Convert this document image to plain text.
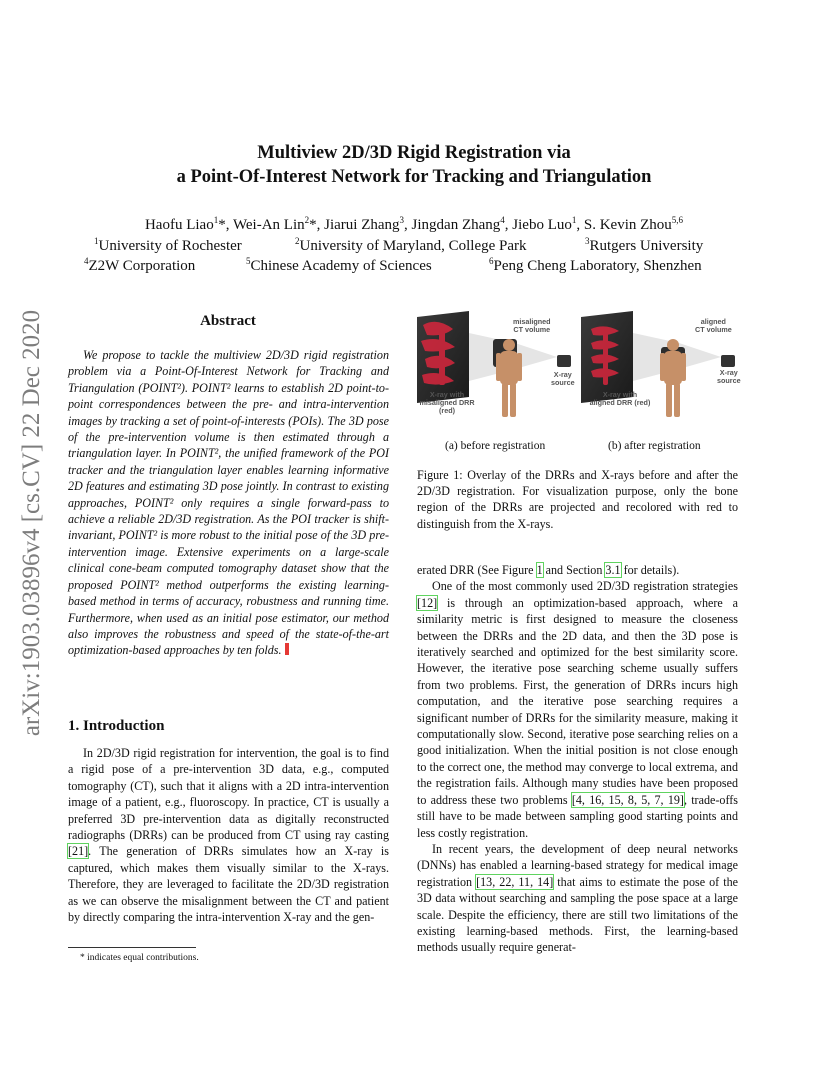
arXiv:1903.03896v4 [cs.CV] 22 Dec 2020
Multiview 2D/3D Rigid Registration via
a Point-Of-Interest Network for Tracking and Triangulation
Haofu Liao$^1$*, Wei-An Lin$^2$*, Jiarui Zhang$^3$, Jingdan Zhang$^4$, Jiebo Luo$^1$, S. Kevin Zhou$^{5,6}$
$^1$University of Rochester	$^2$University of Maryland, College Park	$^3$Rutgers University
$^4$Z2W Corporation	$^5$Chinese Academy of Sciences	$^6$Peng Cheng Laboratory, Shenzhen
Abstract

We propose to tackle the multiview 2D/3D rigid registration problem via a Point-Of-Interest Network for Tracking and Triangulation (POINT²). POINT² learns to establish 2D point-to-point correspondences between the pre- and intra-intervention images by tracking a set of point-of-interests (POIs). The 3D pose of the pre-intervention volume is then estimated through a triangulation layer. In POINT², the unified framework of the POI tracker and the triangulation layer enables learning informative 2D features and estimating 3D pose jointly. In contrast to existing approaches, POINT² only requires a single forward-pass to achieve a reliable 2D/3D registration. As the POI tracker is shift-invariant, POINT² is more robust to the initial pose of the 3D pre-intervention image. Extensive experiments on a large-scale clinical cone-beam computed tomography dataset show that the proposed POINT² method outperforms the existing learning-based method in terms of accuracy, robustness and running time. Furthermore, when used as an initial pose estimator, our method also improves the robustness and speed of the state-of-the-art optimization-based approaches by ten folds.

1. Introduction

In 2D/3D rigid registration for intervention, the goal is to find a rigid pose of a pre-intervention 3D data, e.g., computed tomography (CT), such that it aligns with a 2D intra-intervention image of a patient, e.g., fluoroscopy. In practice, CT is usually a preferred 3D pre-intervention data as digitally reconstructed radiographs (DRRs) can be produced from CT using ray casting [21]. The generation of DRRs simulates how an X-ray is captured, which makes them visually similar to the X-rays. Therefore, they are leveraged to facilitate the 2D/3D registration as we can observe the misalignment between the CT and patient by directly comparing the intra-intervention X-ray and the gen-

* indicates equal contributions.
misaligned
CT volume
X-ray
source
X-ray with
misaligned DRR (red)
aligned
CT volume
X-ray
source
X-ray with
aligned DRR (red)
(a) before registration	(b) after registration

Figure 1: Overlay of the DRRs and X-rays before and after the 2D/3D registration. For visualization purpose, only the bone region of the DRRs are projected and recolored with red to distinguish from the X-rays.

erated DRR (See Figure 1 and Section 3.1 for details).

One of the most commonly used 2D/3D registration strategies [12] is through an optimization-based approach, where a similarity metric is first designed to measure the closeness between the DRRs and the 2D data, and then the 3D pose is iteratively searched and optimized for the best similarity score. However, the iterative pose searching scheme usually suffers from two problems. First, the generation of DRRs incurs high computation, and the iterative pose searching requires a significant number of DRRs for the similarity measure, making it computationally slow. Second, iterative pose searching relies on a good initialization. When the initial position is not close enough to the correct one, the method may converge to local extrema, and the registration fails. Although many studies have been proposed to address these two problems [4, 16, 15, 8, 5, 7, 19], trade-offs still have to be made between sampling good starting points and less costly registration.

In recent years, the development of deep neural networks (DNNs) has enabled a learning-based strategy for medical image registration [13, 22, 11, 14] that aims to estimate the pose of the 3D data without searching and sampling the pose space at a large scale. Despite the efficiency, there are still two limitations of the existing learning-based methods. First, the learning-based methods usually require generat-
